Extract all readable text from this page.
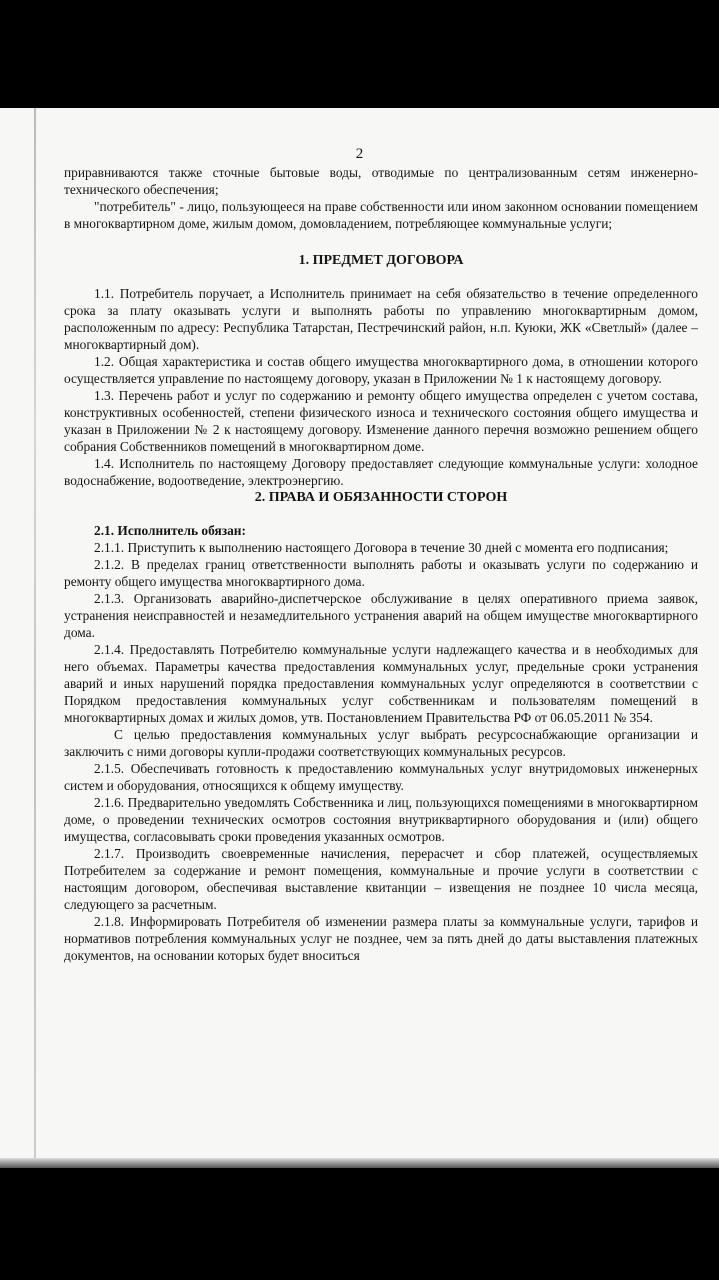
2

приравниваются также сточные бытовые воды, отводимые по централизованным сетям инженерно-технического обеспечения;

"потребитель" - лицо, пользующееся на праве собственности или ином законном основании помещением в многоквартирном доме, жилым домом, домовладением, потребляющее коммунальные услуги;

1. ПРЕДМЕТ ДОГОВОРА

1.1. Потребитель поручает, а Исполнитель принимает на себя обязательство в течение определенного срока за плату оказывать услуги и выполнять работы по управлению многоквартирным домом, расположенным по адресу: Республика Татарстан, Пестречинский район, н.п. Куюки, ЖК «Светлый» (далее – многоквартирный дом).

1.2. Общая характеристика и состав общего имущества многоквартирного дома, в отношении которого осуществляется управление по настоящему договору, указан в Приложении № 1 к настоящему договору.

1.3. Перечень работ и услуг по содержанию и ремонту общего имущества определен с учетом состава, конструктивных особенностей, степени физического износа и технического состояния общего имущества и указан в Приложении № 2 к настоящему договору. Изменение данного перечня возможно решением общего собрания Собственников помещений в многоквартирном доме.

1.4. Исполнитель по настоящему Договору предоставляет следующие коммунальные услуги: холодное водоснабжение, водоотведение, электроэнергию.

2. ПРАВА И ОБЯЗАННОСТИ СТОРОН

2.1. Исполнитель обязан:

2.1.1. Приступить к выполнению настоящего Договора в течение 30 дней с момента его подписания;

2.1.2. В пределах границ ответственности выполнять работы и оказывать услуги по содержанию и ремонту общего имущества многоквартирного дома.

2.1.3. Организовать аварийно-диспетчерское обслуживание в целях оперативного приема заявок, устранения неисправностей и незамедлительного устранения аварий на общем имуществе многоквартирного дома.

2.1.4. Предоставлять Потребителю коммунальные услуги надлежащего качества и в необходимых для него объемах. Параметры качества предоставления коммунальных услуг, предельные сроки устранения аварий и иных нарушений порядка предоставления коммунальных услуг определяются в соответствии с Порядком предоставления коммунальных услуг собственникам и пользователям помещений в многоквартирных домах и жилых домов, утв. Постановлением Правительства РФ от 06.05.2011 № 354.

С целью предоставления коммунальных услуг выбрать ресурсоснабжающие организации и заключить с ними договоры купли-продажи соответствующих коммунальных ресурсов.

2.1.5. Обеспечивать готовность к предоставлению коммунальных услуг внутридомовых инженерных систем и оборудования, относящихся к общему имуществу.

2.1.6. Предварительно уведомлять Собственника и лиц, пользующихся помещениями в многоквартирном доме, о проведении технических осмотров состояния внутриквартирного оборудования и (или) общего имущества, согласовывать сроки проведения указанных осмотров.

2.1.7. Производить своевременные начисления, перерасчет и сбор платежей, осуществляемых Потребителем за содержание и ремонт помещения, коммунальные и прочие услуги в соответствии с настоящим договором, обеспечивая выставление квитанции – извещения не позднее 10 числа месяца, следующего за расчетным.

2.1.8. Информировать Потребителя об изменении размера платы за коммунальные услуги, тарифов и нормативов потребления коммунальных услуг не позднее, чем за пять дней до даты выставления платежных документов, на основании которых будет вноситься
